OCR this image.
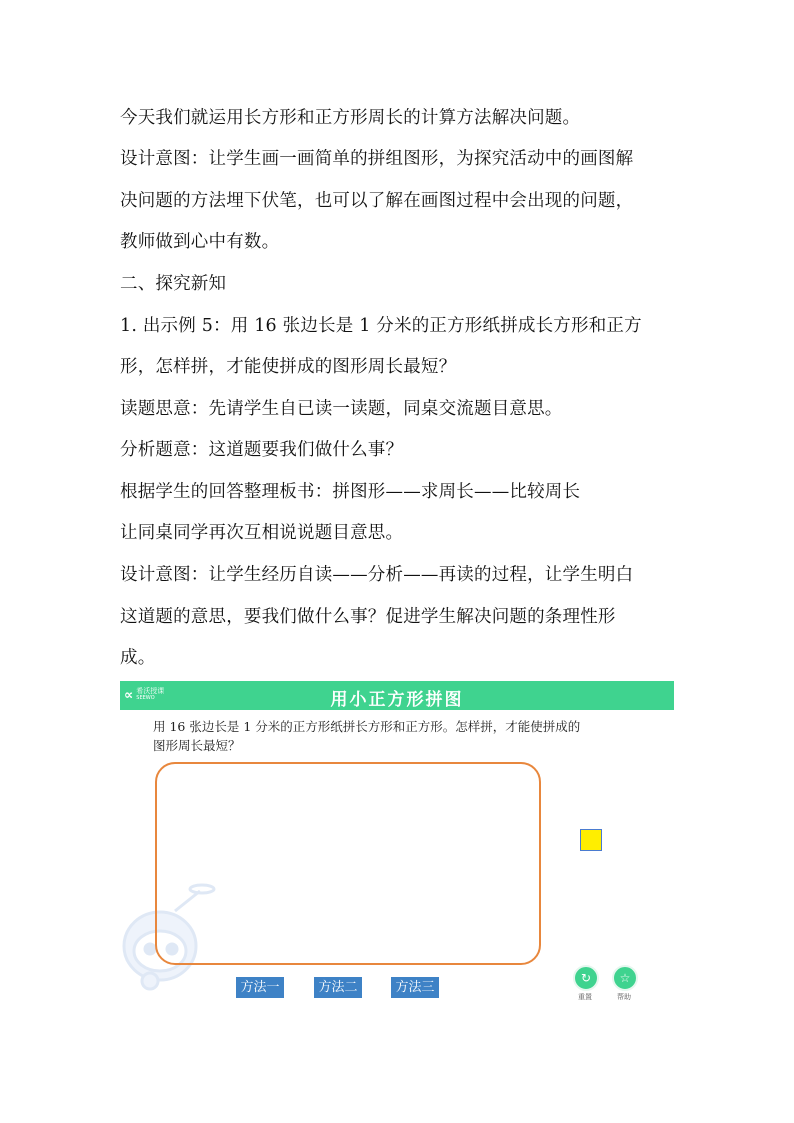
今天我们就运用长方形和正方形周长的计算方法解决问题。
设计意图：让学生画一画简单的拼组图形，为探究活动中的画图解
决问题的方法埋下伏笔，也可以了解在画图过程中会出现的问题，
教师做到心中有数。
二、探究新知
1. 出示例 5：用 16 张边长是 1 分米的正方形纸拼成长方形和正方
形，怎样拼，才能使拼成的图形周长最短？
读题思意：先请学生自已读一读题，同桌交流题目意思。
分析题意：这道题要我们做什么事？
根据学生的回答整理板书：拼图形——求周长——比较周长
让同桌同学再次互相说说题目意思。
设计意图：让学生经历自读——分析——再读的过程，让学生明白
这道题的意思，要我们做什么事？促进学生解决问题的条理性形
成。
∝ 希沃授课
SEEWO	用小正方形拼图
用 16 张边长是 1 分米的正方形纸拼长方形和正方形。怎样拼，才能使拼成的
图形周长最短？
方法一	方法二	方法三
↻
重置
☆
帮助
